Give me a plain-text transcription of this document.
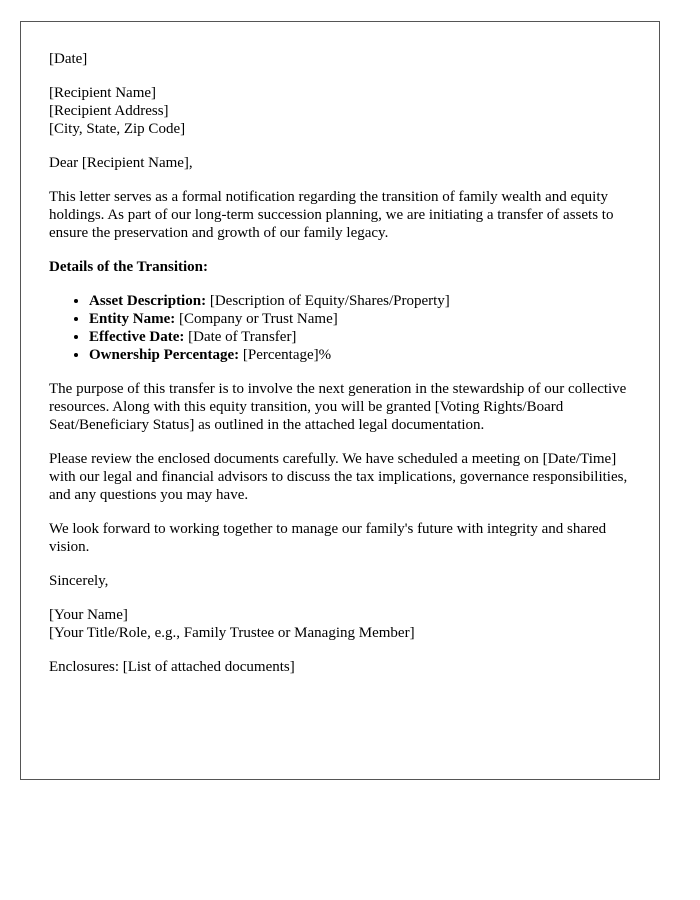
[Date]

[Recipient Name]
[Recipient Address]
[City, State, Zip Code]

Dear [Recipient Name],

This letter serves as a formal notification regarding the transition of family wealth and equity holdings. As part of our long-term succession planning, we are initiating a transfer of assets to ensure the preservation and growth of our family legacy.

Details of the Transition:

• Asset Description: [Description of Equity/Shares/Property]
• Entity Name: [Company or Trust Name]
• Effective Date: [Date of Transfer]
• Ownership Percentage: [Percentage]%

The purpose of this transfer is to involve the next generation in the stewardship of our collective resources. Along with this equity transition, you will be granted [Voting Rights/Board Seat/Beneficiary Status] as outlined in the attached legal documentation.

Please review the enclosed documents carefully. We have scheduled a meeting on [Date/Time] with our legal and financial advisors to discuss the tax implications, governance responsibilities, and any questions you may have.

We look forward to working together to manage our family's future with integrity and shared vision.

Sincerely,

[Your Name]
[Your Title/Role, e.g., Family Trustee or Managing Member]

Enclosures: [List of attached documents]
